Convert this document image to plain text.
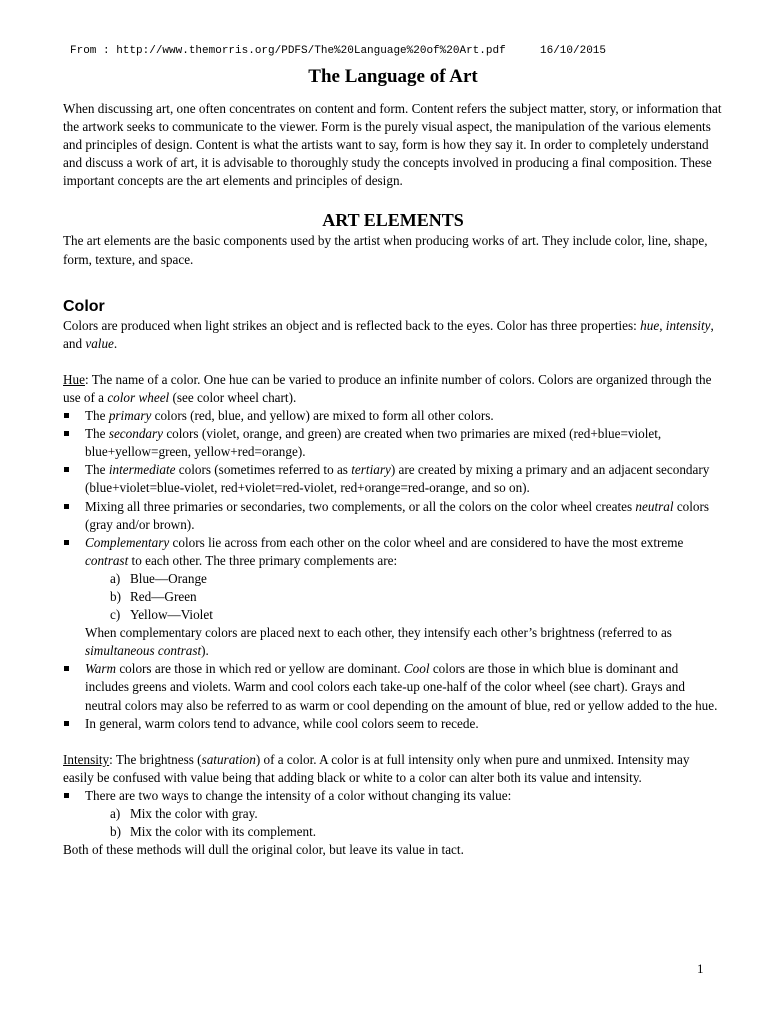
From : http://www.themorris.org/PDFS/The%20Language%20of%20Art.pdf	16/10/2015
The Language of Art

When discussing art, one often concentrates on content and form. Content refers the subject matter, story, or information that the artwork seeks to communicate to the viewer. Form is the purely visual aspect, the manipulation of the various elements and principles of design. Content is what the artists want to say, form is how they say it. In order to completely understand and discuss a work of art, it is advisable to thoroughly study the concepts involved in producing a final composition. These important concepts are the art elements and principles of design.

ART ELEMENTS

The art elements are the basic components used by the artist when producing works of art. They include color, line, shape, form, texture, and space.

Color

Colors are produced when light strikes an object and is reflected back to the eyes. Color has three properties: hue, intensity, and value.

Hue: The name of a color. One hue can be varied to produce an infinite number of colors. Colors are organized through the use of a color wheel (see color wheel chart).

The primary colors (red, blue, and yellow) are mixed to form all other colors.
The secondary colors (violet, orange, and green) are created when two primaries are mixed (red+blue=violet, blue+yellow=green, yellow+red=orange).
The intermediate colors (sometimes referred to as tertiary) are created by mixing a primary and an adjacent secondary (blue+violet=blue-violet, red+violet=red-violet, red+orange=red-orange, and so on).
Mixing all three primaries or secondaries, two complements, or all the colors on the color wheel creates neutral colors (gray and/or brown).
Complementary colors lie across from each other on the color wheel and are considered to have the most extreme contrast to each other. The three primary complements are:
a) Blue—Orange
b) Red—Green
c) Yellow—Violet
When complementary colors are placed next to each other, they intensify each other’s brightness (referred to as simultaneous contrast).
Warm colors are those in which red or yellow are dominant. Cool colors are those in which blue is dominant and includes greens and violets. Warm and cool colors each take-up one-half of the color wheel (see chart). Grays and neutral colors may also be referred to as warm or cool depending on the amount of blue, red or yellow added to the hue.
In general, warm colors tend to advance, while cool colors seem to recede.

Intensity: The brightness (saturation) of a color. A color is at full intensity only when pure and unmixed. Intensity may easily be confused with value being that adding black or white to a color can alter both its value and intensity.

There are two ways to change the intensity of a color without changing its value:
a) Mix the color with gray.
b) Mix the color with its complement.

Both of these methods will dull the original color, but leave its value in tact.

1
